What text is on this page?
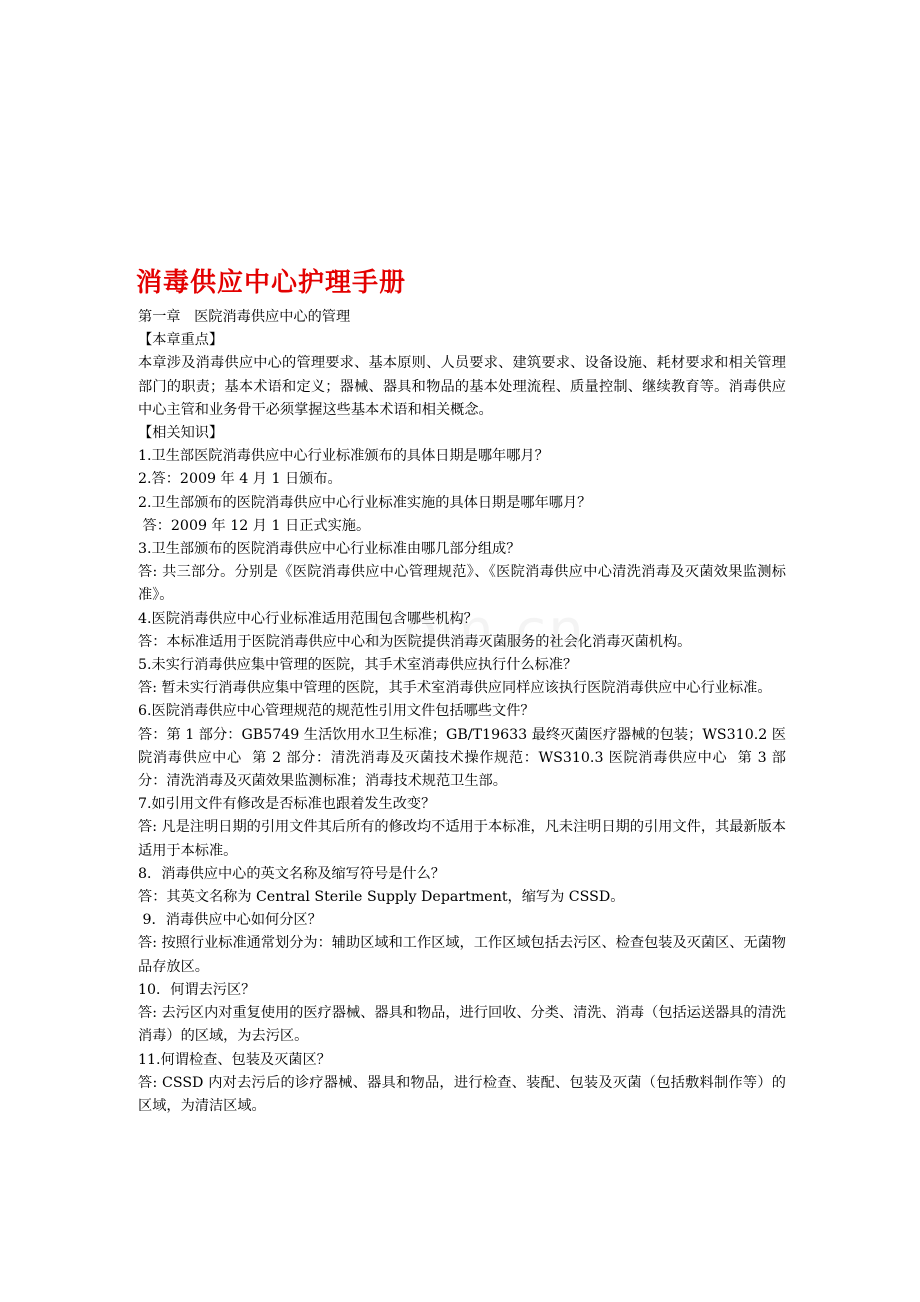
消毒供应中心护理手册

第一章   医院消毒供应中心的管理

【本章重点】

本章涉及消毒供应中心的管理要求、基本原则、人员要求、建筑要求、设备设施、耗材要求和相关管理部门的职责；基本术语和定义；器械、器具和物品的基本处理流程、质量控制、继续教育等。消毒供应中心主管和业务骨干必须掌握这些基本术语和相关概念。

【相关知识】

1.卫生部医院消毒供应中心行业标准颁布的具体日期是哪年哪月？

2.答：2009 年 4 月 1 日颁布。

2.卫生部颁布的医院消毒供应中心行业标准实施的具体日期是哪年哪月？

答：2009 年 12 月 1 日正式实施。

3.卫生部颁布的医院消毒供应中心行业标准由哪几部分组成？

答: 共三部分。分别是《医院消毒供应中心管理规范》、《医院消毒供应中心清洗消毒及灭菌效果监测标准》。

4.医院消毒供应中心行业标准适用范围包含哪些机构？

答：本标准适用于医院消毒供应中心和为医院提供消毒灭菌服务的社会化消毒灭菌机构。

5.未实行消毒供应集中管理的医院，其手术室消毒供应执行什么标准？

答: 暂未实行消毒供应集中管理的医院，其手术室消毒供应同样应该执行医院消毒供应中心行业标准。

6.医院消毒供应中心管理规范的规范性引用文件包括哪些文件？

答：第 1 部分：GB5749 生活饮用水卫生标准；GB/T19633 最终灭菌医疗器械的包装；WS310.2 医院消毒供应中心  第 2 部分：清洗消毒及灭菌技术操作规范：WS310.3 医院消毒供应中心  第 3 部分：清洗消毒及灭菌效果监测标准；消毒技术规范卫生部。

7.如引用文件有修改是否标准也跟着发生改变？

答: 凡是注明日期的引用文件其后所有的修改均不适用于本标准，凡未注明日期的引用文件，其最新版本适用于本标准。

8．消毒供应中心的英文名称及缩写符号是什么？

答：其英文名称为 Central Sterile Supply Department，缩写为 CSSD。

9．消毒供应中心如何分区？

答: 按照行业标准通常划分为：辅助区域和工作区域，工作区域包括去污区、检查包装及灭菌区、无菌物品存放区。

10．何谓去污区？

答: 去污区内对重复使用的医疗器械、器具和物品，进行回收、分类、清洗、消毒（包括运送器具的清洗消毒）的区域，为去污区。

11.何谓检查、包装及灭菌区？

答: CSSD 内对去污后的诊疗器械、器具和物品，进行检查、装配、包装及灭菌（包括敷料制作等）的区域，为清洁区域。
